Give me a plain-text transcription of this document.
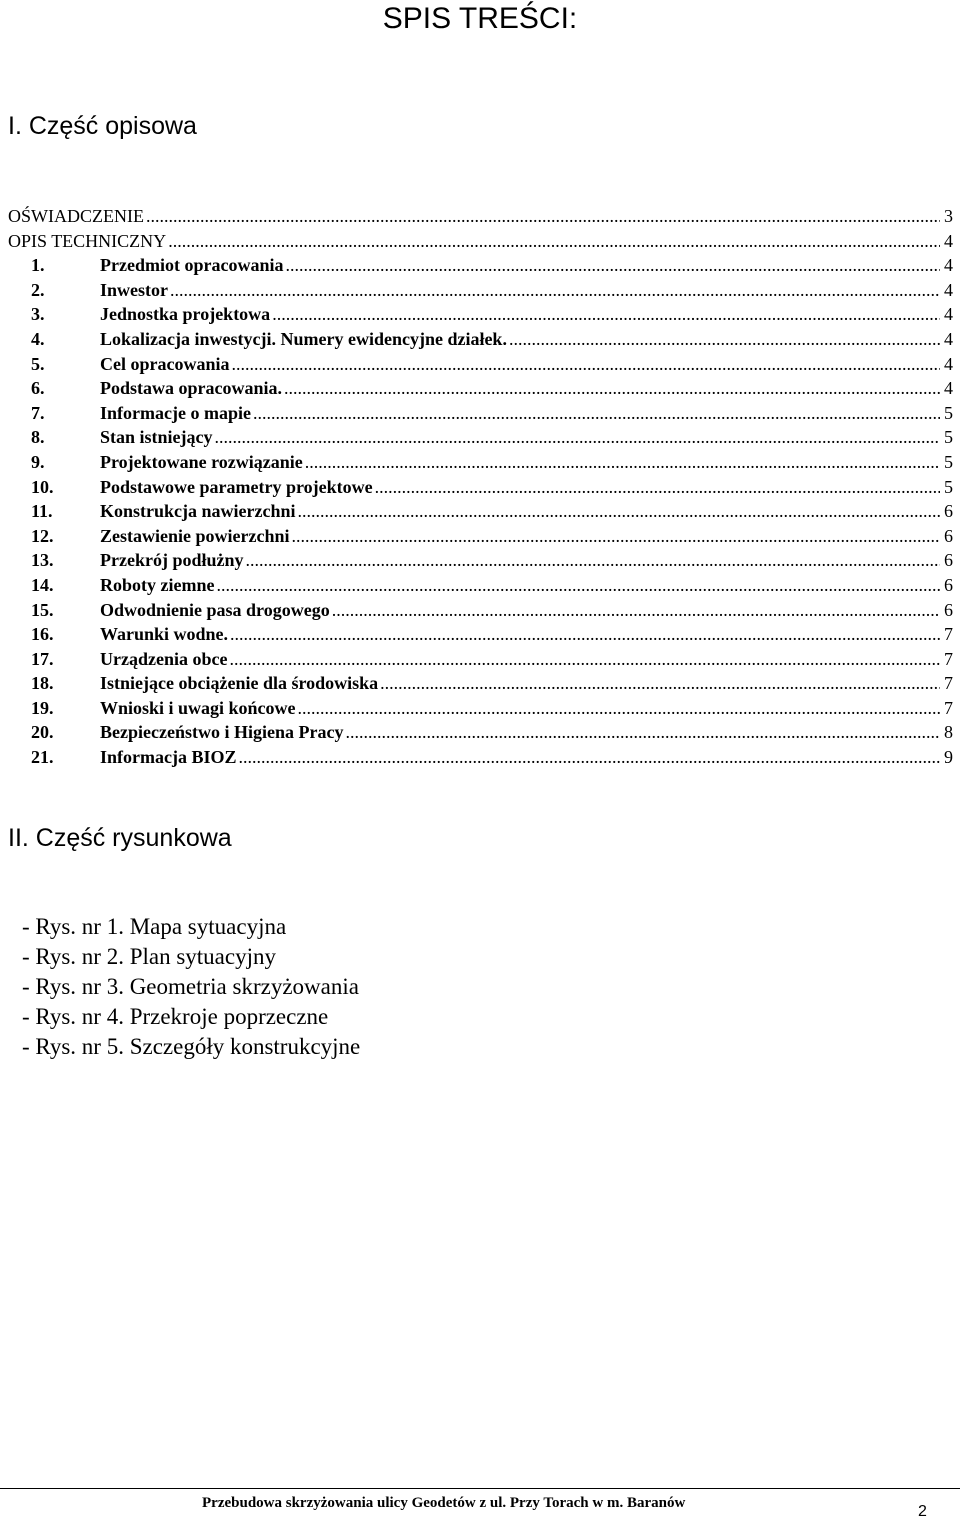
SPIS TREŚCI:
I. Część opisowa
OŚWIADCZENIE .....	3
OPIS TECHNICZNY .....	4
1.	Przedmiot opracowania .....	4
2.	Inwestor .....	4
3.	Jednostka projektowa .....	4
4.	Lokalizacja inwestycji. Numery ewidencyjne działek. .....	4
5.	Cel opracowania .....	4
6.	Podstawa opracowania. .....	4
7.	Informacje o mapie .....	5
8.	Stan istniejący .....	5
9.	Projektowane rozwiązanie .....	5
10.	Podstawowe parametry projektowe .....	5
11.	Konstrukcja nawierzchni .....	6
12.	Zestawienie powierzchni .....	6
13.	Przekrój podłużny .....	6
14.	Roboty ziemne .....	6
15.	Odwodnienie pasa drogowego .....	6
16.	Warunki wodne. .....	7
17.	Urządzenia obce .....	7
18.	Istniejące obciążenie dla środowiska .....	7
19.	Wnioski i uwagi końcowe .....	7
20.	Bezpieczeństwo i Higiena Pracy .....	8
21.	Informacja BIOZ .....	9
II. Część rysunkowa
- Rys. nr 1. Mapa sytuacyjna
- Rys. nr 2. Plan sytuacyjny
- Rys. nr 3. Geometria skrzyżowania
- Rys. nr 4. Przekroje poprzeczne
- Rys. nr 5. Szczegóły konstrukcyjne
Przebudowa skrzyżowania ulicy Geodetów z ul. Przy Torach w m. Baranów	2
